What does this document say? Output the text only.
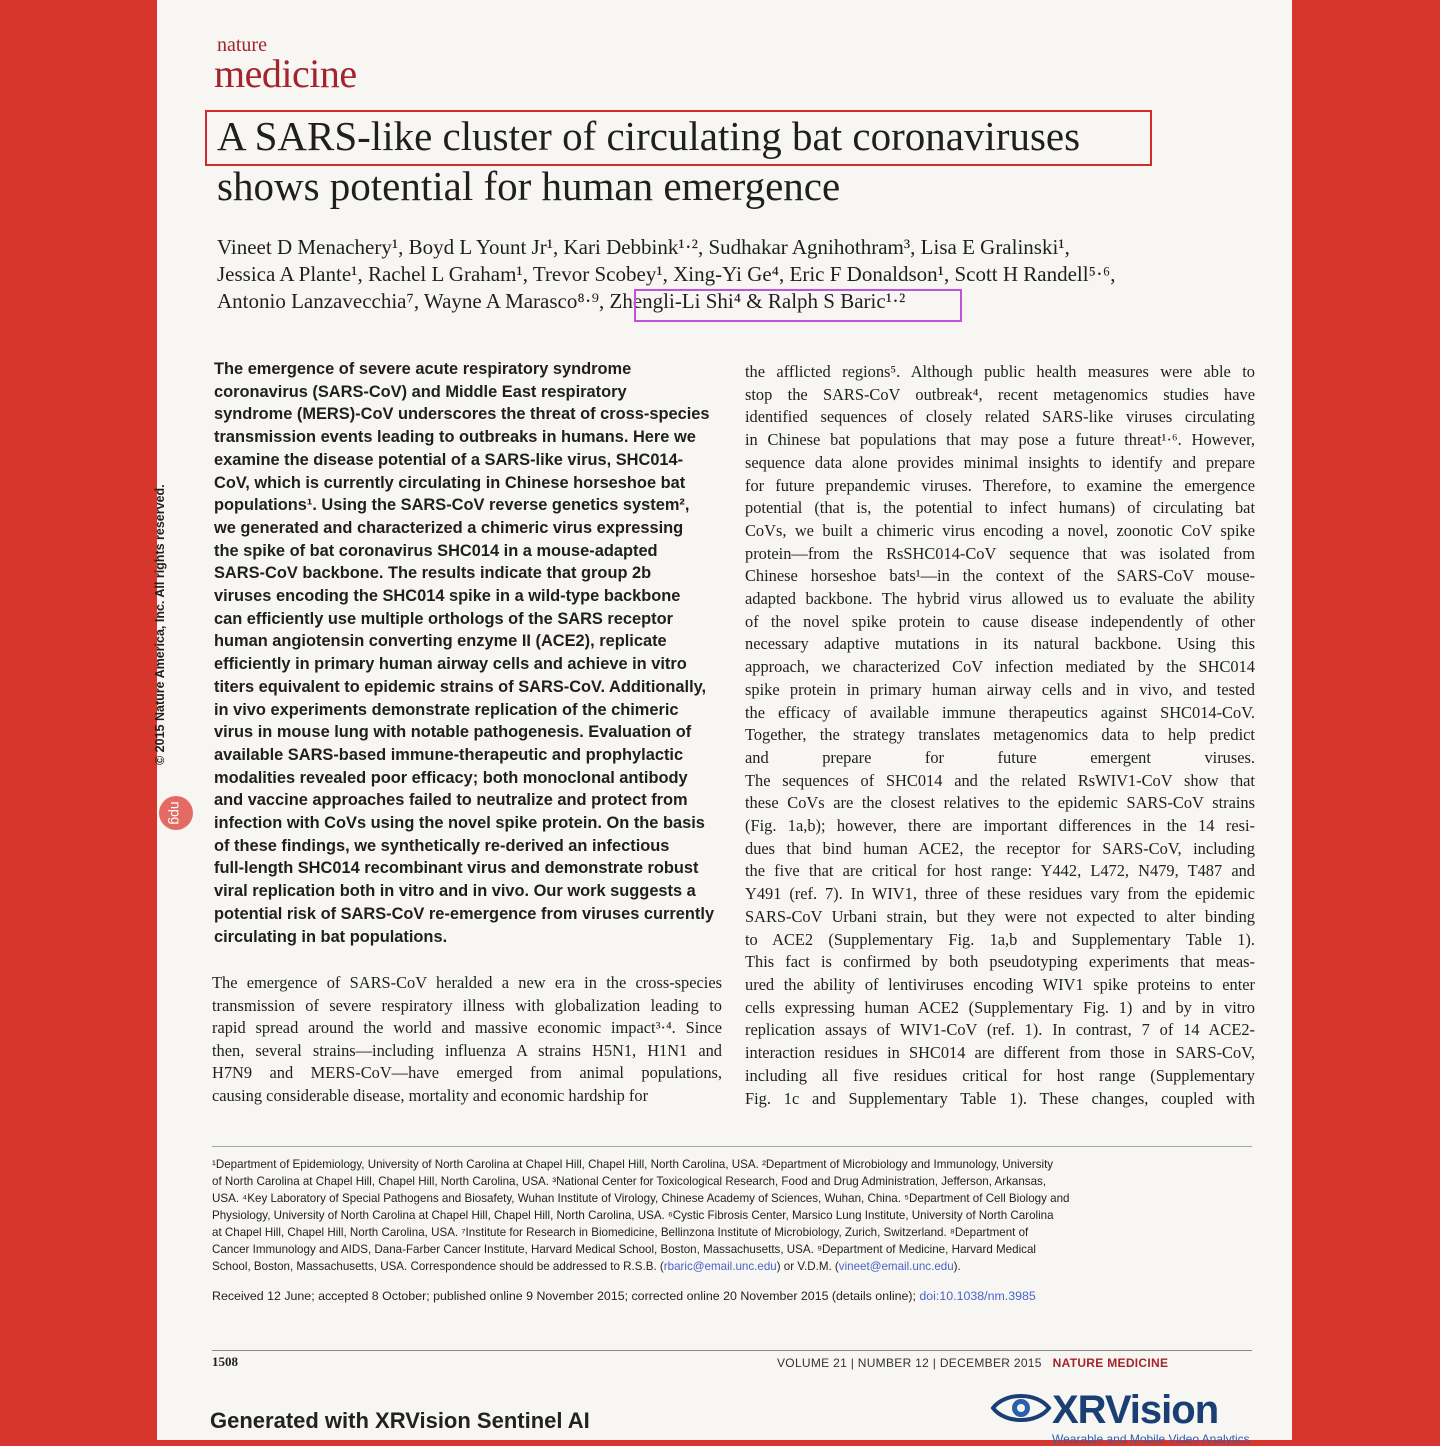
nature
medicine
A SARS-like cluster of circulating bat coronaviruses
shows potential for human emergence
Vineet D Menachery¹, Boyd L Yount Jr¹, Kari Debbink¹·², Sudhakar Agnihothram³, Lisa E Gralinski¹,
Jessica A Plante¹, Rachel L Graham¹, Trevor Scobey¹, Xing-Yi Ge⁴, Eric F Donaldson¹, Scott H Randell⁵·⁶,
Antonio Lanzavecchia⁷, Wayne A Marasco⁸·⁹, Zhengli-Li Shi⁴ & Ralph S Baric¹·²
© 2015 Nature America, Inc. All rights reserved.
npg
The emergence of severe acute respiratory syndrome
coronavirus (SARS-CoV) and Middle East respiratory
syndrome (MERS)-CoV underscores the threat of cross-species
transmission events leading to outbreaks in humans. Here we
examine the disease potential of a SARS-like virus, SHC014-
CoV, which is currently circulating in Chinese horseshoe bat
populations¹. Using the SARS-CoV reverse genetics system²,
we generated and characterized a chimeric virus expressing
the spike of bat coronavirus SHC014 in a mouse-adapted
SARS-CoV backbone. The results indicate that group 2b
viruses encoding the SHC014 spike in a wild-type backbone
can efficiently use multiple orthologs of the SARS receptor
human angiotensin converting enzyme II (ACE2), replicate
efficiently in primary human airway cells and achieve in vitro
titers equivalent to epidemic strains of SARS-CoV. Additionally,
in vivo experiments demonstrate replication of the chimeric
virus in mouse lung with notable pathogenesis. Evaluation of
available SARS-based immune-therapeutic and prophylactic
modalities revealed poor efficacy; both monoclonal antibody
and vaccine approaches failed to neutralize and protect from
infection with CoVs using the novel spike protein. On the basis
of these findings, we synthetically re-derived an infectious
full-length SHC014 recombinant virus and demonstrate robust
viral replication both in vitro and in vivo. Our work suggests a
potential risk of SARS-CoV re-emergence from viruses currently
circulating in bat populations.
The emergence of SARS-CoV heralded a new era in the cross-species
transmission of severe respiratory illness with globalization leading to
rapid spread around the world and massive economic impact³·⁴. Since
then, several strains—including influenza A strains H5N1, H1N1 and
H7N9 and MERS-CoV—have emerged from animal populations,
causing considerable disease, mortality and economic hardship for
the afflicted regions⁵. Although public health measures were able to
stop the SARS-CoV outbreak⁴, recent metagenomics studies have
identified sequences of closely related SARS-like viruses circulating
in Chinese bat populations that may pose a future threat¹·⁶. However,
sequence data alone provides minimal insights to identify and prepare
for future prepandemic viruses. Therefore, to examine the emergence
potential (that is, the potential to infect humans) of circulating bat
CoVs, we built a chimeric virus encoding a novel, zoonotic CoV spike
protein—from the RsSHC014-CoV sequence that was isolated from
Chinese horseshoe bats¹—in the context of the SARS-CoV mouse-
adapted backbone. The hybrid virus allowed us to evaluate the ability
of the novel spike protein to cause disease independently of other
necessary adaptive mutations in its natural backbone. Using this
approach, we characterized CoV infection mediated by the SHC014
spike protein in primary human airway cells and in vivo, and tested
the efficacy of available immune therapeutics against SHC014-CoV.
Together, the strategy translates metagenomics data to help predict
and prepare for future emergent viruses.
The sequences of SHC014 and the related RsWIV1-CoV show that
these CoVs are the closest relatives to the epidemic SARS-CoV strains
(Fig. 1a,b); however, there are important differences in the 14 resi-
dues that bind human ACE2, the receptor for SARS-CoV, including
the five that are critical for host range: Y442, L472, N479, T487 and
Y491 (ref. 7). In WIV1, three of these residues vary from the epidemic
SARS-CoV Urbani strain, but they were not expected to alter binding
to ACE2 (Supplementary Fig. 1a,b and Supplementary Table 1).
This fact is confirmed by both pseudotyping experiments that meas-
ured the ability of lentiviruses encoding WIV1 spike proteins to enter
cells expressing human ACE2 (Supplementary Fig. 1) and by in vitro
replication assays of WIV1-CoV (ref. 1). In contrast, 7 of 14 ACE2-
interaction residues in SHC014 are different from those in SARS-CoV,
including all five residues critical for host range (Supplementary
Fig. 1c and Supplementary Table 1). These changes, coupled with
¹Department of Epidemiology, University of North Carolina at Chapel Hill, Chapel Hill, North Carolina, USA. ²Department of Microbiology and Immunology, University
of North Carolina at Chapel Hill, Chapel Hill, North Carolina, USA. ³National Center for Toxicological Research, Food and Drug Administration, Jefferson, Arkansas,
USA. ⁴Key Laboratory of Special Pathogens and Biosafety, Wuhan Institute of Virology, Chinese Academy of Sciences, Wuhan, China. ⁵Department of Cell Biology and
Physiology, University of North Carolina at Chapel Hill, Chapel Hill, North Carolina, USA. ⁶Cystic Fibrosis Center, Marsico Lung Institute, University of North Carolina
at Chapel Hill, Chapel Hill, North Carolina, USA. ⁷Institute for Research in Biomedicine, Bellinzona Institute of Microbiology, Zurich, Switzerland. ⁸Department of
Cancer Immunology and AIDS, Dana-Farber Cancer Institute, Harvard Medical School, Boston, Massachusetts, USA. ⁹Department of Medicine, Harvard Medical
School, Boston, Massachusetts, USA. Correspondence should be addressed to R.S.B. (rbaric@email.unc.edu) or V.D.M. (vineet@email.unc.edu).
Received 12 June; accepted 8 October; published online 9 November 2015; corrected online 20 November 2015 (details online); doi:10.1038/nm.3985
1508	VOLUME 21 | NUMBER 12 | DECEMBER 2015 NATURE MEDICINE
Generated with XRVision Sentinel AI	XRVision
Wearable and Mobile Video Analytics
